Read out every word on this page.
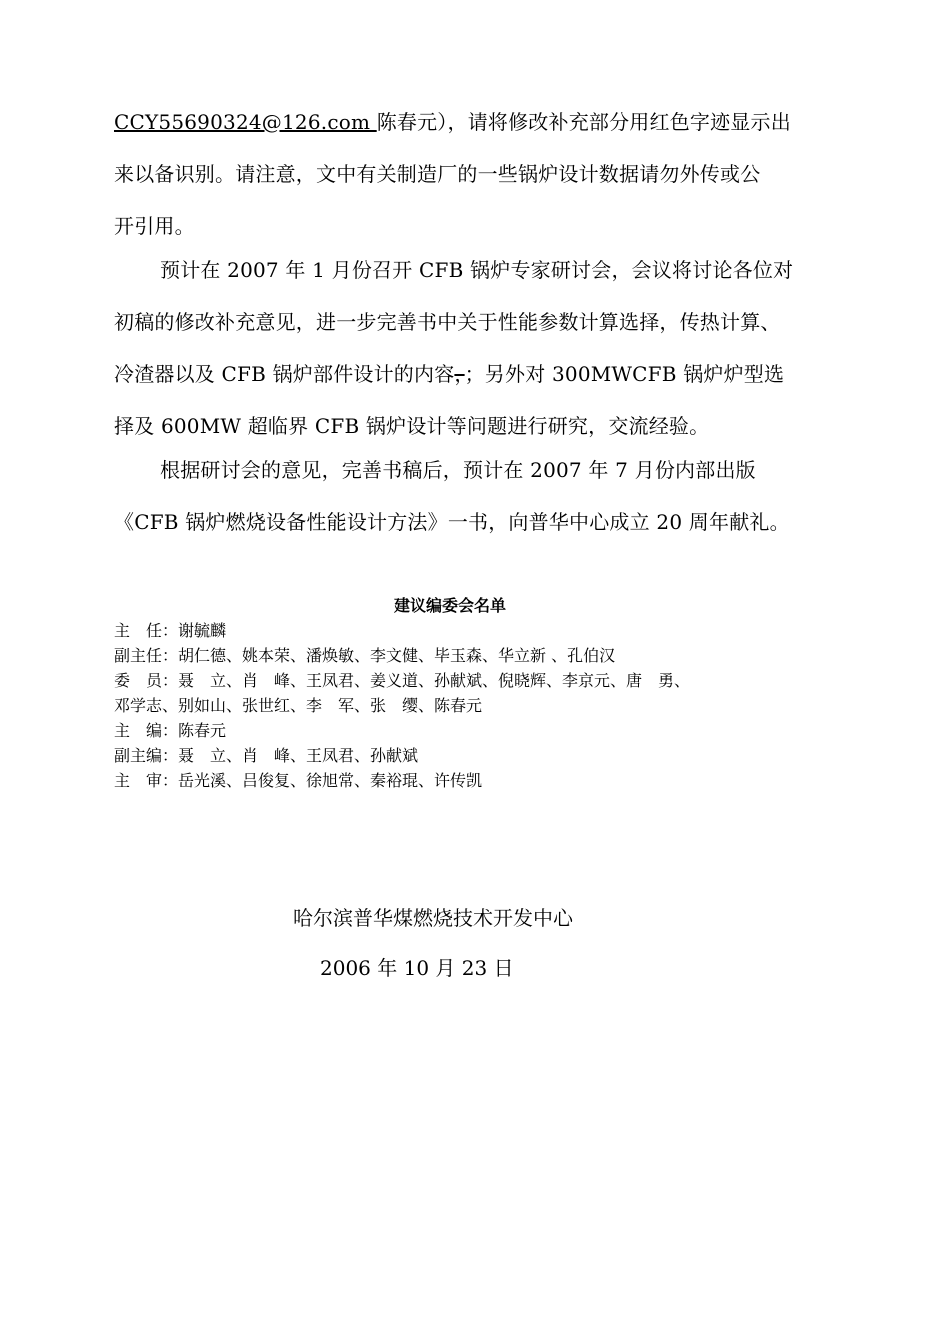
CCY55690324@126.com 陈春元），请将修改补充部分用红色字迹显示出
来以备识别。请注意，文中有关制造厂的一些锅炉设计数据请勿外传或公
开引用。
预计在 2007 年 1 月份召开 CFB 锅炉专家研讨会，会议将讨论各位对
初稿的修改补充意见，进一步完善书中关于性能参数计算选择，传热计算、
冷渣器以及 CFB 锅炉部件设计的内容，；另外对 300MWCFB 锅炉炉型选
择及 600MW 超临界 CFB 锅炉设计等问题进行研究，交流经验。
根据研讨会的意见，完善书稿后，预计在 2007 年 7 月份内部出版
《CFB 锅炉燃烧设备性能设计方法》一书，向普华中心成立 20 周年献礼。
建议编委会名单
主　任：谢毓麟
副主任：胡仁德、姚本荣、潘焕敏、李文健、毕玉森、华立新 、孔伯汉
委　员：聂　立、肖　峰、王凤君、姜义道、孙献斌、倪晓辉、李京元、唐　勇、
邓学志、别如山、张世红、李　军、张　缨、陈春元
主　编：陈春元
副主编：聂　立、肖　峰、王凤君、孙献斌
主　审：岳光溪、吕俊复、徐旭常、秦裕琨、许传凯
哈尔滨普华煤燃烧技术开发中心
2006 年 10 月 23 日
